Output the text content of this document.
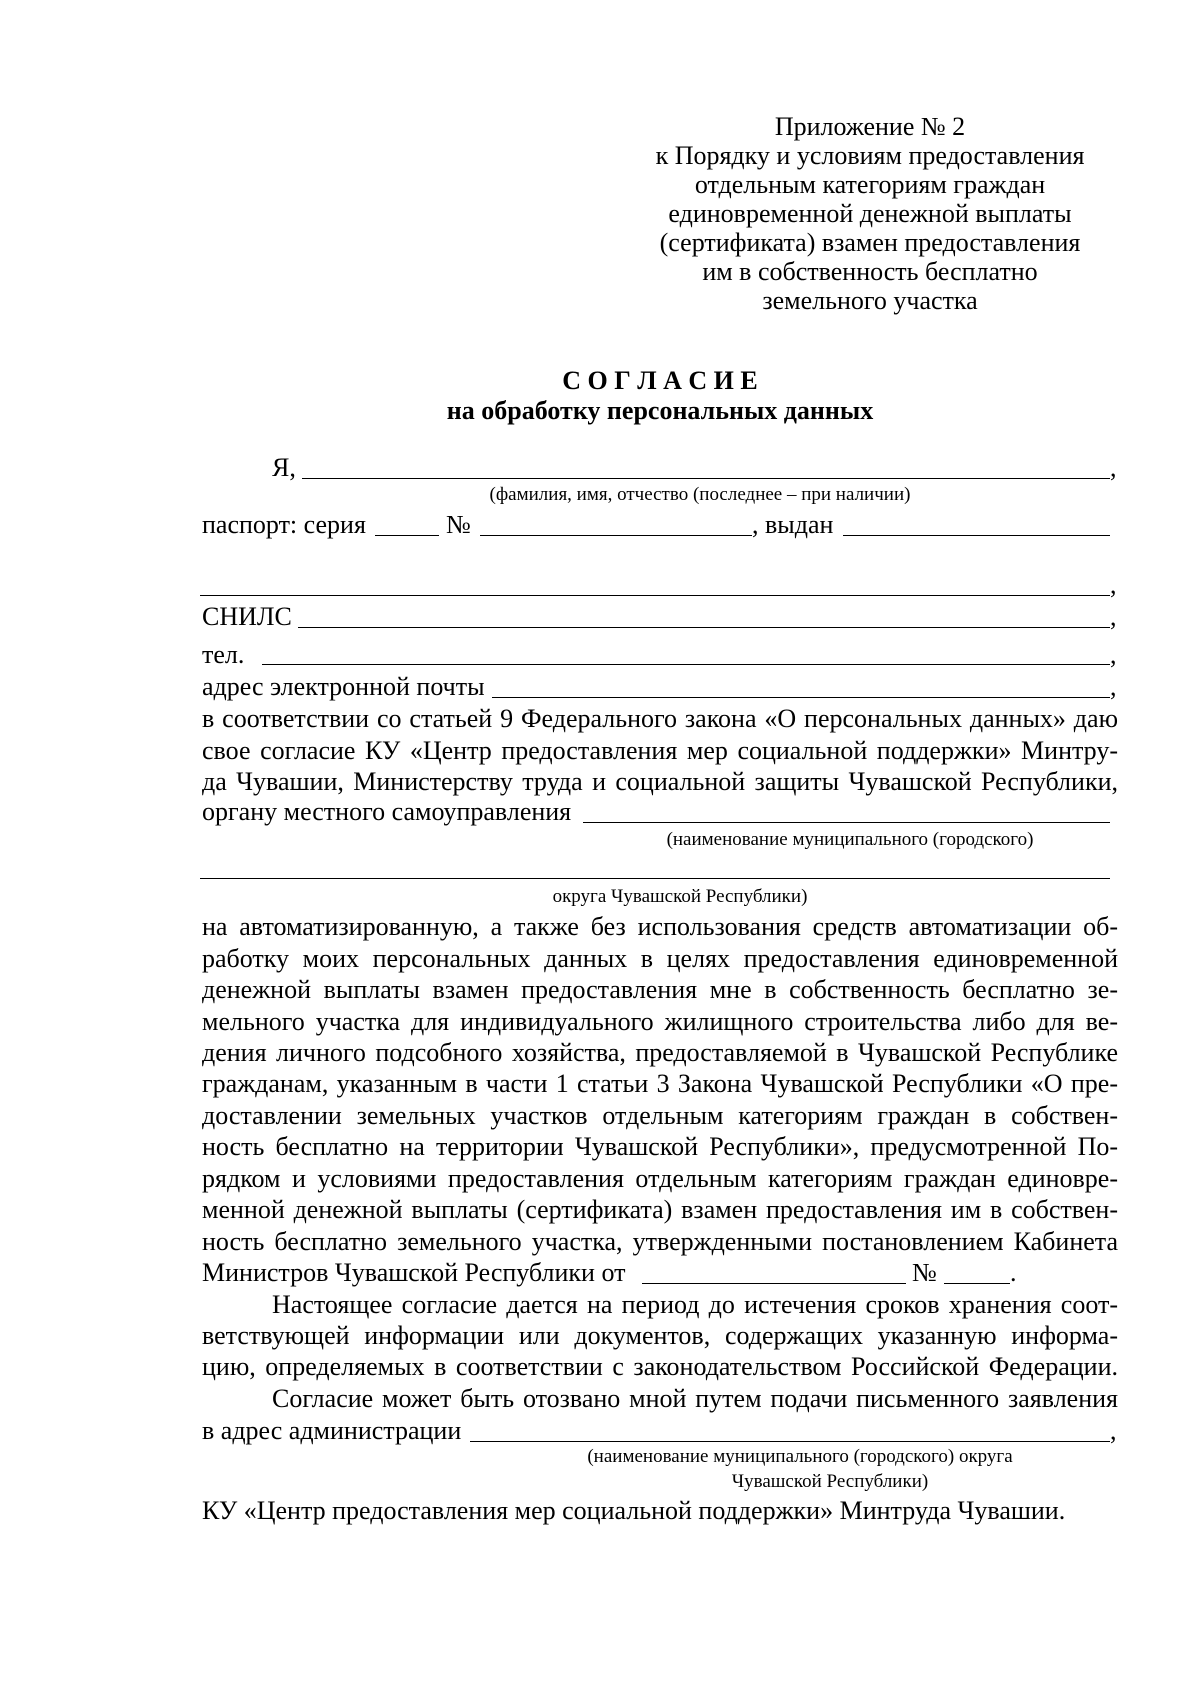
Приложение № 2
к Порядку и условиям предоставления
отдельным категориям граждан
единовременной денежной выплаты
(сертификата) взамен предоставления
им в собственность бесплатно
земельного участка
С О Г Л А С И Е
на обработку персональных данных
Я,	,
(фамилия, имя, отчество (последнее – при наличии)
паспорт: серия	№	, выдан
,
СНИЛС	,
тел.	,
адрес электронной почты	,
в соответствии со статьей 9 Федерального закона «О персональных данных» даю
свое согласие КУ «Центр предоставления мер социальной поддержки» Минтру-
да Чувашии, Министерству труда и социальной защиты Чувашской Республики,
органу местного самоуправления
(наименование муниципального (городского)
округа Чувашской Республики)
на автоматизированную, а также без использования средств автоматизации об-
работку моих персональных данных в целях предоставления единовременной
денежной выплаты взамен предоставления мне в собственность бесплатно зе-
мельного участка для индивидуального жилищного строительства либо для ве-
дения личного подсобного хозяйства, предоставляемой в Чувашской Республике
гражданам, указанным в части 1 статьи 3 Закона Чувашской Республики «О пре-
доставлении земельных участков отдельным категориям граждан в собствен-
ность бесплатно на территории Чувашской Республики», предусмотренной По-
рядком и условиями предоставления отдельным категориям граждан единовре-
менной денежной выплаты (сертификата) взамен предоставления им в собствен-
ность бесплатно земельного участка, утвержденными постановлением Кабинета
Министров Чувашской Республики от	№	.
Настоящее согласие дается на период до истечения сроков хранения соот-
ветствующей информации или документов, содержащих указанную информа-
цию, определяемых в соответствии с законодательством Российской Федерации.
Согласие может быть отозвано мной путем подачи письменного заявления
в адрес администрации	,
(наименование муниципального (городского) округа
Чувашской Республики)
КУ «Центр предоставления мер социальной поддержки» Минтруда Чувашии.
